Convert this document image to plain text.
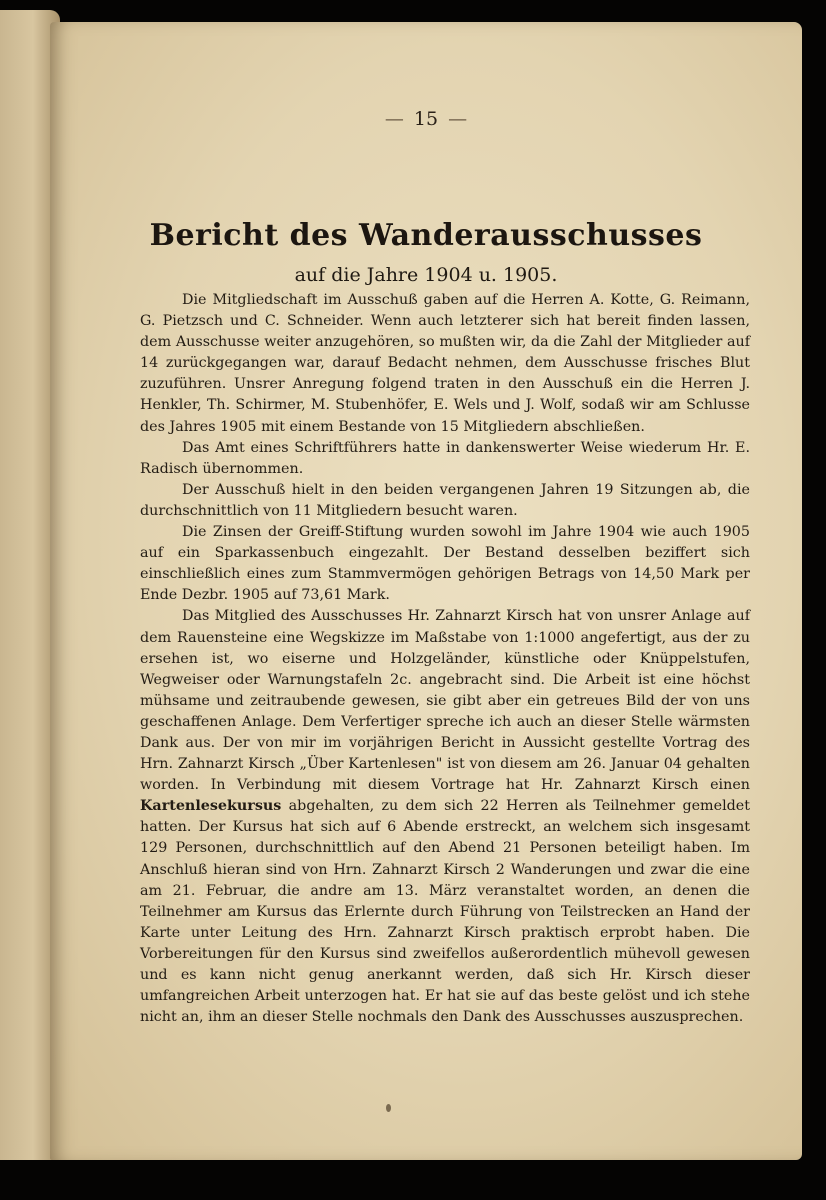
— 15 —
Bericht des Wanderausschusses
auf die Jahre 1904 u. 1905.

Die Mitgliedschaft im Ausschuß gaben auf die Herren A. Kotte, G. Reimann, G. Pietzsch und C. Schneider. Wenn auch letzterer sich hat bereit finden lassen, dem Ausschusse weiter anzugehören, so mußten wir, da die Zahl der Mitglieder auf 14 zurückgegangen war, darauf Bedacht nehmen, dem Ausschusse frisches Blut zuzuführen. Unsrer Anregung folgend traten in den Ausschuß ein die Herren J. Henkler, Th. Schirmer, M. Stubenhöfer, E. Wels und J. Wolf, sodaß wir am Schlusse des Jahres 1905 mit einem Bestande von 15 Mitgliedern abschließen.

Das Amt eines Schriftführers hatte in dankenswerter Weise wiederum Hr. E. Radisch übernommen.

Der Ausschuß hielt in den beiden vergangenen Jahren 19 Sitzungen ab, die durchschnittlich von 11 Mitgliedern besucht waren.

Die Zinsen der Greiff-Stiftung wurden sowohl im Jahre 1904 wie auch 1905 auf ein Sparkassenbuch eingezahlt. Der Bestand desselben beziffert sich einschließlich eines zum Stammvermögen gehörigen Betrags von 14,50 Mark per Ende Dezbr. 1905 auf 73,61 Mark.

Das Mitglied des Ausschusses Hr. Zahnarzt Kirsch hat von unsrer Anlage auf dem Rauensteine eine Wegskizze im Maßstabe von 1:1000 angefertigt, aus der zu ersehen ist, wo eiserne und Holzgeländer, künstliche oder Knüppelstufen, Wegweiser oder Warnungstafeln 2c. angebracht sind. Die Arbeit ist eine höchst mühsame und zeitraubende gewesen, sie gibt aber ein getreues Bild der von uns geschaffenen Anlage. Dem Verfertiger spreche ich auch an dieser Stelle wärmsten Dank aus. Der von mir im vorjährigen Bericht in Aussicht gestellte Vortrag des Hrn. Zahnarzt Kirsch „Über Kartenlesen" ist von diesem am 26. Januar 04 gehalten worden. In Verbindung mit diesem Vortrage hat Hr. Zahnarzt Kirsch einen Kartenlesekursus abgehalten, zu dem sich 22 Herren als Teilnehmer gemeldet hatten. Der Kursus hat sich auf 6 Abende erstreckt, an welchem sich insgesamt 129 Personen, durchschnittlich auf den Abend 21 Personen beteiligt haben. Im Anschluß hieran sind von Hrn. Zahnarzt Kirsch 2 Wanderungen und zwar die eine am 21. Februar, die andre am 13. März veranstaltet worden, an denen die Teilnehmer am Kursus das Erlernte durch Führung von Teilstrecken an Hand der Karte unter Leitung des Hrn. Zahnarzt Kirsch praktisch erprobt haben. Die Vorbereitungen für den Kursus sind zweifellos außerordentlich mühevoll gewesen und es kann nicht genug anerkannt werden, daß sich Hr. Kirsch dieser umfangreichen Arbeit unterzogen hat. Er hat sie auf das beste gelöst und ich stehe nicht an, ihm an dieser Stelle nochmals den Dank des Ausschusses auszusprechen.
